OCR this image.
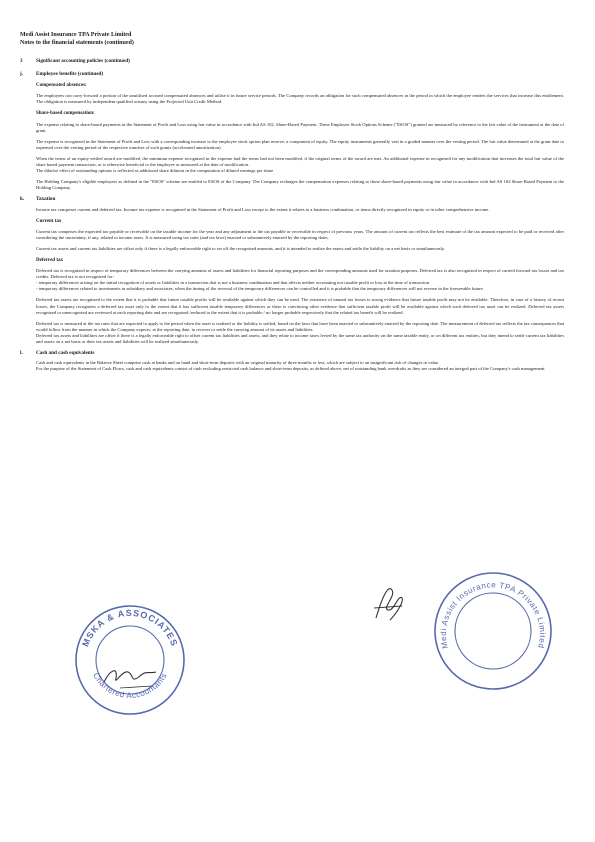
Medi Assist Insurance TPA Private Limited
Notes to the financial statements (continued)
3	Significant accounting policies (continued)
j.	Employee benefits (continued)
Compensated absences:

The employees can carry-forward a portion of the unutilised accrued compensated absences and utilise it in future service periods. The Company records an obligation for such compensated absences in the period in which the employee renders the services that increase this entitlement. The obligation is measured by independent qualified actuary using the Projected Unit Credit Method.

Share-based compensation:

The expense relating to share-based payments in the Statement of Profit and Loss using fair value in accordance with Ind AS 102, Share-Based Payment. These Employee Stock Options Scheme ("ESOS") granted are measured by reference to the fair value of the instrument at the date of grant.

The expense is recognized in the Statement of Profit and Loss with a corresponding increase to the employee stock option plan reserve, a component of equity. The equity instruments generally vest in a graded manner over the vesting period. The fair value determined at the grant date to expensed over the vesting period of the respective tranches of such grants (accelerated amortization).

When the terms of an equity-settled award are modified, the minimum expense recognised in the expense had the terms had not been modified, if the original terms of the award are met. An additional expense in recognised for any modification that increases the total fair value of the share based payment transaction, or is otherwise beneficial to the employee as measured at the date of modification.

The dilutive effect of outstanding options is reflected as additional share dilution in the computation of diluted earnings per share

The Holding Company's eligible employees as defined in the "ESOS" scheme are entitled to ESOS of the Company. The Company recharges the compensation expenses relating to those share-based payments using fair value in accordance with Ind AS 102 Share-Based Payment to the Holding Company.

k.	Taxation

Income tax comprises current and deferred tax. Income tax expense is recognised in the Statement of Profit and Loss except to the extent it relates to a business combination, or items directly recognized in equity or in other comprehensive income.

Current tax

Current tax comprises the expected tax payable or receivable on the taxable income for the year and any adjustment to the tax payable or receivable in respect of previous years. The amount of current tax reflects the best estimate of the tax amount expected to be paid or received after considering the uncertainty, if any, related to income taxes. It is measured using tax rates (and tax laws) enacted or substantively enacted by the reporting dates.

Current tax assets and current tax liabilities are offset only if there is a legally enforceable right to set off the recognised amounts, and it is intended to realize the assets and settle the liability on a net basis or simultaneously.

Deferred tax

Deferred tax is recognized in respect of temporary differences between the carrying amounts of assets and liabilities for financial reporting purposes and the corresponding amounts used for taxation purposes. Deferred tax is also recognized in respect of carried forward tax losses and tax credits. Deferred tax is not recognized for:

- temporary differences arising on the initial recognition of assets or liabilities in a transaction that is not a business combination and that affects neither accounting nor taxable profit or loss at the time of transaction

- temporary differences related to investments in subsidiary and associates, when the timing of the reversal of the temporary differences can be controlled and it is probable that the temporary differences will not reverse in the foreseeable future.

Deferred tax assets are recognized to the extent that it is probable that future taxable profits will be available against which they can be used. The existence of unused tax losses is strong evidence that future taxable profit may not be available. Therefore, in case of a history of recent losses, the Company recognizes a deferred tax asset only to the extent that it has sufficient taxable temporary differences or there is convincing other evidence that sufficient taxable profit will be available against which such deferred tax asset can be realized. Deferred tax assets recognized or unrecognized are reviewed at each reporting date and are recognized /reduced to the extent that it is probable / no longer probable respectively that the related tax benefit will be realized.

Deferred tax is measured at the tax rates that are expected to apply to the period when the asset is realized or the liability is settled, based on the laws that have been enacted or substantively enacted by the reporting date. The measurement of deferred tax reflects the tax consequences that would follow from the manner in which the Company expects, at the reporting date, to recover or settle the carrying amount of its assets and liabilities.

Deferred tax assets and liabilities are offset if there is a legally enforceable right to offset current tax liabilities and assets, and they relate to income taxes levied by the same tax authority on the same taxable entity, or on different tax entities, but they intend to settle current tax liabilities and assets on a net basis or their tax assets and liabilities will be realized simultaneously.

l.	Cash and cash equivalents

Cash and cash equivalents in the Balance Sheet comprise cash at banks and on hand and short-term deposits with an original maturity of three months or less, which are subject to an insignificant risk of changes in value.

For the purpose of the Statement of Cash Flows, cash and cash equivalents consist of cash excluding restricted cash balance and short-term deposits, as defined above, net of outstanding bank overdrafts as they are considered an integral part of the Company's cash management.

MSKA & ASSOCIATES
Chartered Accountants
Medi Assist Insurance TPA Private Limited
